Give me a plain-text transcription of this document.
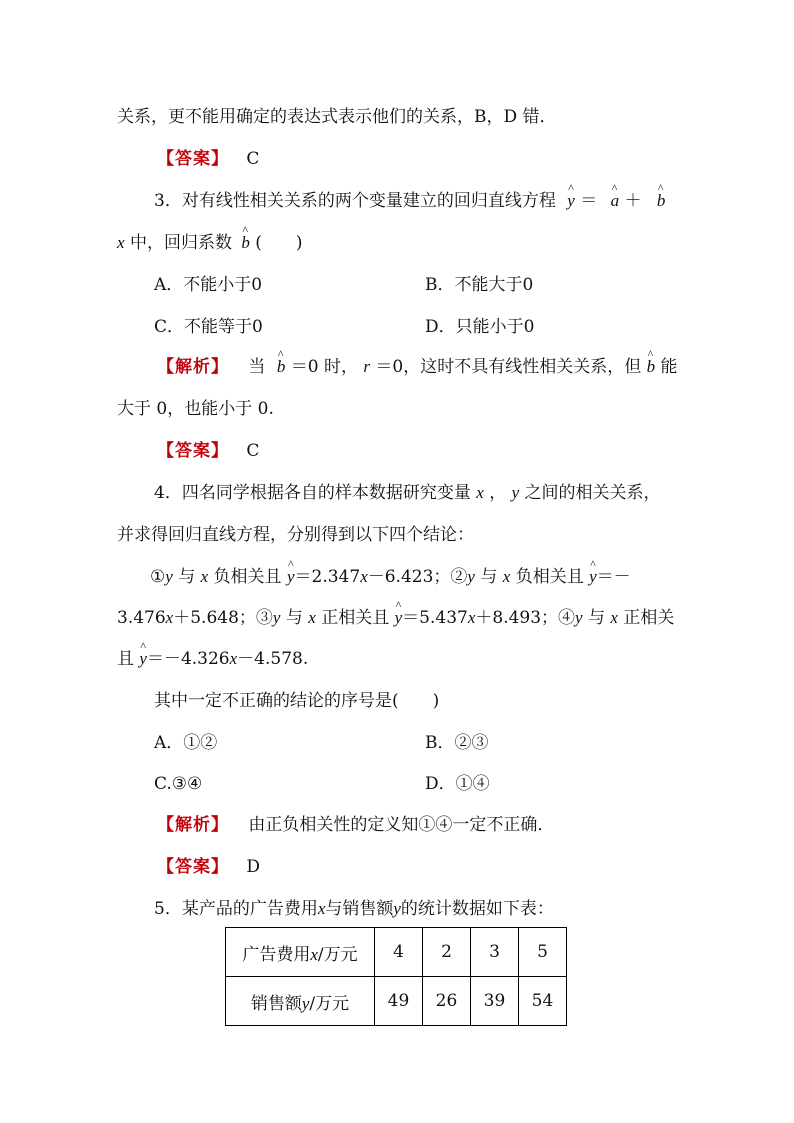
关系，更不能用确定的表达式表示他们的关系，B，D 错．
【答案】 C
3．对有线性相关关系的两个变量建立的回归直线方程 ^ y ＝ ^ a ＋ ^ b
x 中，回归系数 ^ b (　　)
A．不能小于0	B．不能大于0
C．不能等于0	D．只能小于0
【解析】 当 ^ b ＝0 时， r ＝0，这时不具有线性相关关系，但 ^ b 能
大于 0，也能小于 0.
【答案】 C
4．四名同学根据各自的样本数据研究变量 x ， y 之间的相关关系，
并求得回归直线方程，分别得到以下四个结论：
①y 与 x 负相关且 ^ y＝2.347x－6.423；②y 与 x 负相关且 ^ y＝－
3.476x＋5.648；③y 与 x 正相关且 ^ y＝5.437x＋8.493；④y 与 x 正相关
且 ^ y＝－4.326x－4.578.
其中一定不正确的结论的序号是(　　)
A．①②	B．②③
C.③④	D．①④
【解析】 由正负相关性的定义知①④一定不正确．
【答案】 D
5．某产品的广告费用x与销售额y的统计数据如下表：
广告费用x/万元	4	2	3	5
销售额y/万元	49	26	39	54
